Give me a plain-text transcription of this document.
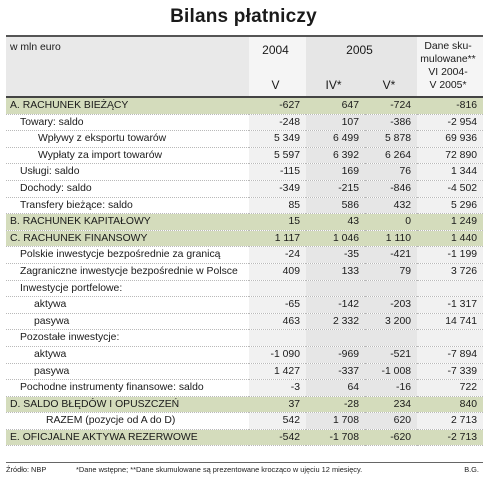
Bilans płatniczy
w mln euro	2004	2005		Dane sku-
mulowane**
	V	IV*	V*	VI 2004-
V 2005*
A. RACHUNEK BIEŻĄCY	-627	647	-724	-816
Towary: saldo	-248	107	-386	-2 954
Wpływy z eksportu towarów	5 349	6 499	5 878	69 936
Wypłaty za import towarów	5 597	6 392	6 264	72 890
Usługi: saldo	-115	169	76	1 344
Dochody: saldo	-349	-215	-846	-4 502
Transfery bieżące: saldo	85	586	432	5 296
B. RACHUNEK KAPITAŁOWY	15	43	0	1 249
C. RACHUNEK FINANSOWY	1 117	1 046	1 110	1 440
Polskie inwestycje bezpośrednie za granicą	-24	-35	-421	-1 199
Zagraniczne inwestycje bezpośrednie w Polsce	409	133	79	3 726
Inwestycje portfelowe:				
aktywa	-65	-142	-203	-1 317
pasywa	463	2 332	3 200	14 741
Pozostałe inwestycje:				
aktywa	-1 090	-969	-521	-7 894
pasywa	1 427	-337	-1 008	-7 339
Pochodne instrumenty finansowe: saldo	-3	64	-16	722
D. SALDO BŁĘDÓW I OPUSZCZEŃ	37	-28	234	840
RAZEM (pozycje od A do D)	542	1 708	620	2 713
E. OFICJALNE AKTYWA REZERWOWE	-542	-1 708	-620	-2 713
Źródło: NBP	*Dane wstępne; **Dane skumulowane są prezentowane krocząco w ujęciu 12 miesięcy.	B.G.
